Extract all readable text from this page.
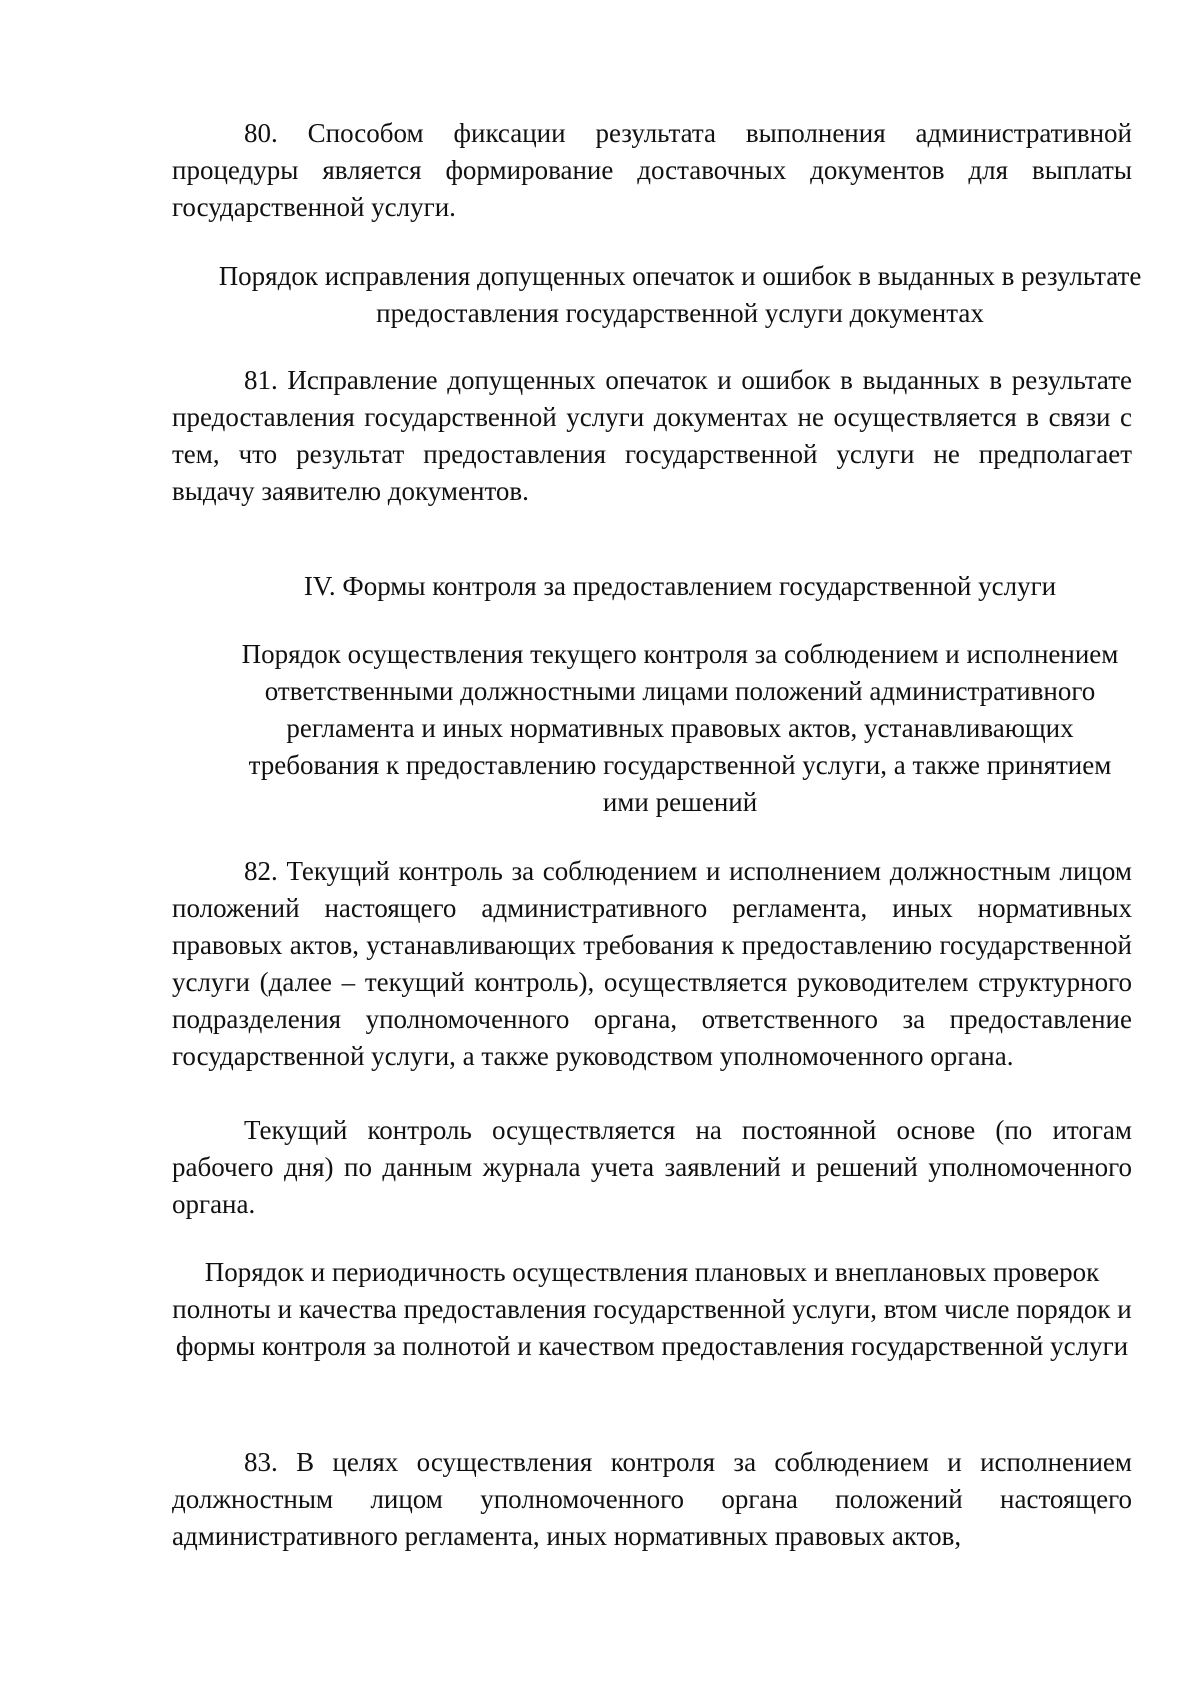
80. Способом фиксации результата выполнения административной процедуры является формирование доставочных документов для выплаты государственной услуги.

Порядок исправления допущенных опечаток и ошибок в выданных в результате предоставления государственной услуги документах

81. Исправление допущенных опечаток и ошибок в выданных в результате предоставления государственной услуги документах не осуществляется в связи с тем, что результат предоставления государственной услуги не предполагает выдачу заявителю документов.

IV. Формы контроля за предоставлением государственной услуги

Порядок осуществления текущего контроля за соблюдением и исполнением ответственными должностными лицами положений административного регламента и иных нормативных правовых актов, устанавливающих требования к предоставлению государственной услуги, а также принятием ими решений

82. Текущий контроль за соблюдением и исполнением должностным лицом положений настоящего административного регламента, иных нормативных правовых актов, устанавливающих требования к предоставлению государственной услуги (далее – текущий контроль), осуществляется руководителем структурного подразделения уполномоченного органа, ответственного за предоставление государственной услуги, а также руководством уполномоченного органа.

Текущий контроль осуществляется на постоянной основе (по итогам рабочего дня) по данным журнала учета заявлений и решений уполномоченного органа.

Порядок и периодичность осуществления плановых и внеплановых проверок полноты и качества предоставления государственной услуги, втом числе порядок и формы контроля за полнотой и качеством предоставления государственной услуги

83. В целях осуществления контроля за соблюдением и исполнением должностным лицом уполномоченного органа положений настоящего административного регламента, иных нормативных правовых актов,
